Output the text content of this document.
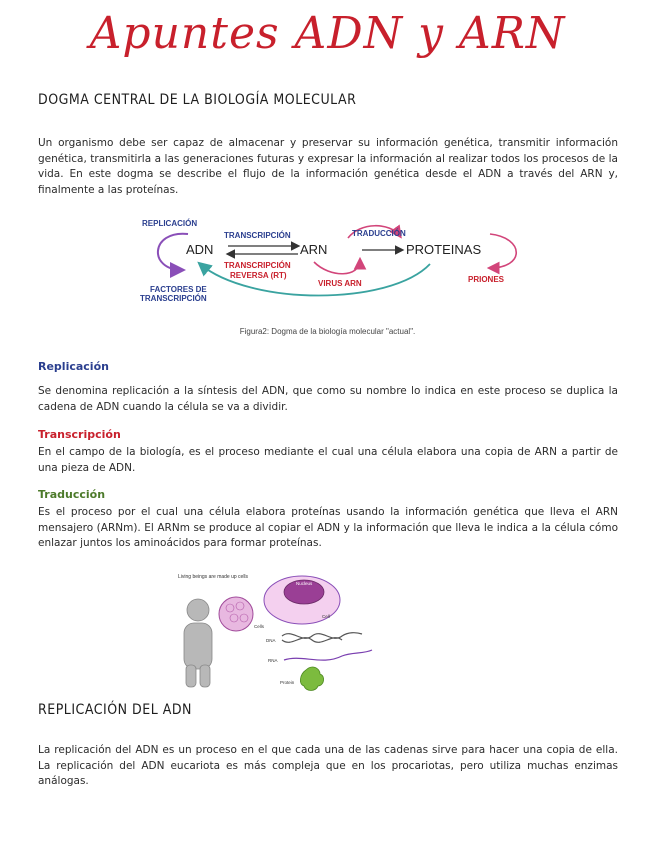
Apuntes ADN y ARN
DOGMA CENTRAL DE LA BIOLOGÍA MOLECULAR
Un organismo debe ser capaz de almacenar y preservar su información genética, transmitir información genética, transmitirla a las generaciones futuras y expresar la información al realizar todos los procesos de la vida. En este dogma se describe el flujo de la información genética desde el ADN a través del ARN y, finalmente a las proteínas.
REPLICACIÓN
ADN	ARN	PROTEINAS
TRANSCRIPCIÓN	TRADUCCIÓN
TRANSCRIPCIÓN
REVERSA (RT)
VIRUS ARN	PRIONES
FACTORES DE
TRANSCRIPCIÓN
Figura2: Dogma de la biología molecular "actual".
Replicación
Se denomina replicación a la síntesis del ADN, que como su nombre lo indica en este proceso se duplica la cadena de ADN cuando la célula se va a dividir.
Transcripción
En el campo de la biología, es el proceso mediante el cual una célula elabora una copia de ARN a partir de una pieza de ADN.
Traducción
Es el proceso por el cual una célula elabora proteínas usando la información genética que lleva el ARN mensajero (ARNm). El ARNm se produce al copiar el ADN y la información que lleva le indica a la célula cómo enlazar juntos los aminoácidos para formar proteínas.
Living beings are made up cells
Cells
Nucleus
Cell
DNA
RNA
Protein
REPLICACIÓN DEL ADN
La replicación del ADN es un proceso en el que cada una de las cadenas sirve para hacer una copia de ella. La replicación del ADN eucariota es más compleja que en los procariotas, pero utiliza muchas enzimas análogas.
